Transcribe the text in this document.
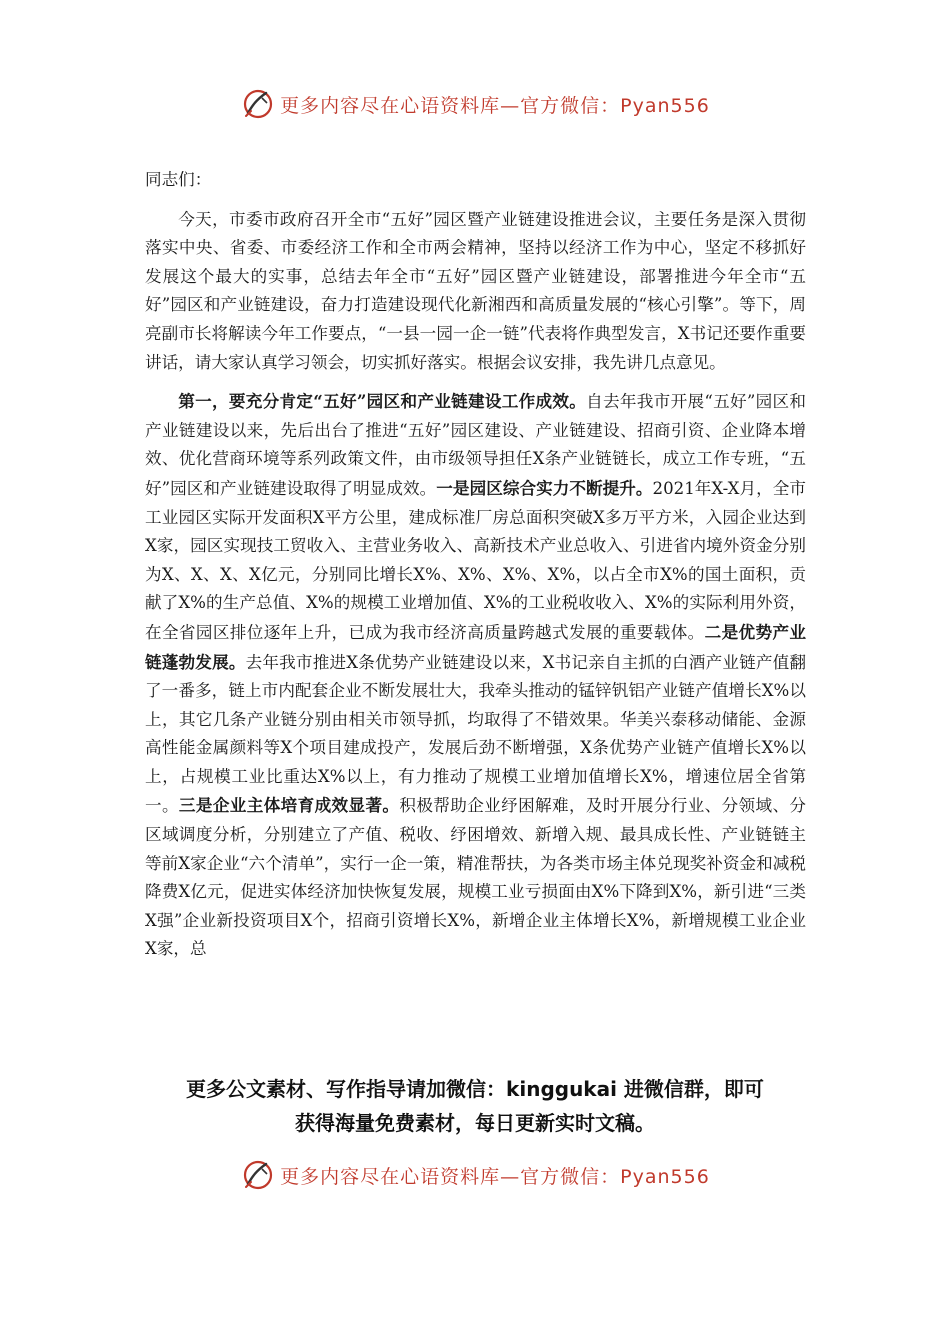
更多内容尽在心语资料库—官方微信：Pyan556

同志们：

今天，市委市政府召开全市“五好”园区暨产业链建设推进会议，主要任务是深入贯彻落实中央、省委、市委经济工作和全市两会精神，坚持以经济工作为中心，坚定不移抓好发展这个最大的实事，总结去年全市“五好”园区暨产业链建设，部署推进今年全市“五好”园区和产业链建设，奋力打造建设现代化新湘西和高质量发展的“核心引擎”。等下，周亮副市长将解读今年工作要点，“一县一园一企一链”代表将作典型发言，X书记还要作重要讲话，请大家认真学习领会，切实抓好落实。根据会议安排，我先讲几点意见。

第一，要充分肯定“五好”园区和产业链建设工作成效。自去年我市开展“五好”园区和产业链建设以来，先后出台了推进“五好”园区建设、产业链建设、招商引资、企业降本增效、优化营商环境等系列政策文件，由市级领导担任X条产业链链长，成立工作专班，“五好”园区和产业链建设取得了明显成效。一是园区综合实力不断提升。2021年X-X月，全市工业园区实际开发面积X平方公里，建成标准厂房总面积突破X多万平方米，入园企业达到X家，园区实现技工贸收入、主营业务收入、高新技术产业总收入、引进省内境外资金分别为X、X、X、X亿元，分别同比增长X%、X%、X%、X%，以占全市X%的国土面积，贡献了X%的生产总值、X%的规模工业增加值、X%的工业税收收入、X%的实际利用外资，在全省园区排位逐年上升，已成为我市经济高质量跨越式发展的重要载体。二是优势产业链蓬勃发展。去年我市推进X条优势产业链建设以来，X书记亲自主抓的白酒产业链产值翻了一番多，链上市内配套企业不断发展壮大，我牵头推动的锰锌钒铝产业链产值增长X%以上，其它几条产业链分别由相关市领导抓，均取得了不错效果。华美兴泰移动储能、金源高性能金属颜料等X个项目建成投产，发展后劲不断增强，X条优势产业链产值增长X%以上，占规模工业比重达X%以上，有力推动了规模工业增加值增长X%，增速位居全省第一。三是企业主体培育成效显著。积极帮助企业纾困解难，及时开展分行业、分领域、分区域调度分析，分别建立了产值、税收、纾困增效、新增入规、最具成长性、产业链链主等前X家企业“六个清单”，实行一企一策，精准帮扶，为各类市场主体兑现奖补资金和减税降费X亿元，促进实体经济加快恢复发展，规模工业亏损面由X%下降到X%，新引进“三类X强”企业新投资项目X个，招商引资增长X%，新增企业主体增长X%，新增规模工业企业X家，总

更多公文素材、写作指导请加微信：kinggukai 进微信群，即可
获得海量免费素材，每日更新实时文稿。
更多内容尽在心语资料库—官方微信：Pyan556
